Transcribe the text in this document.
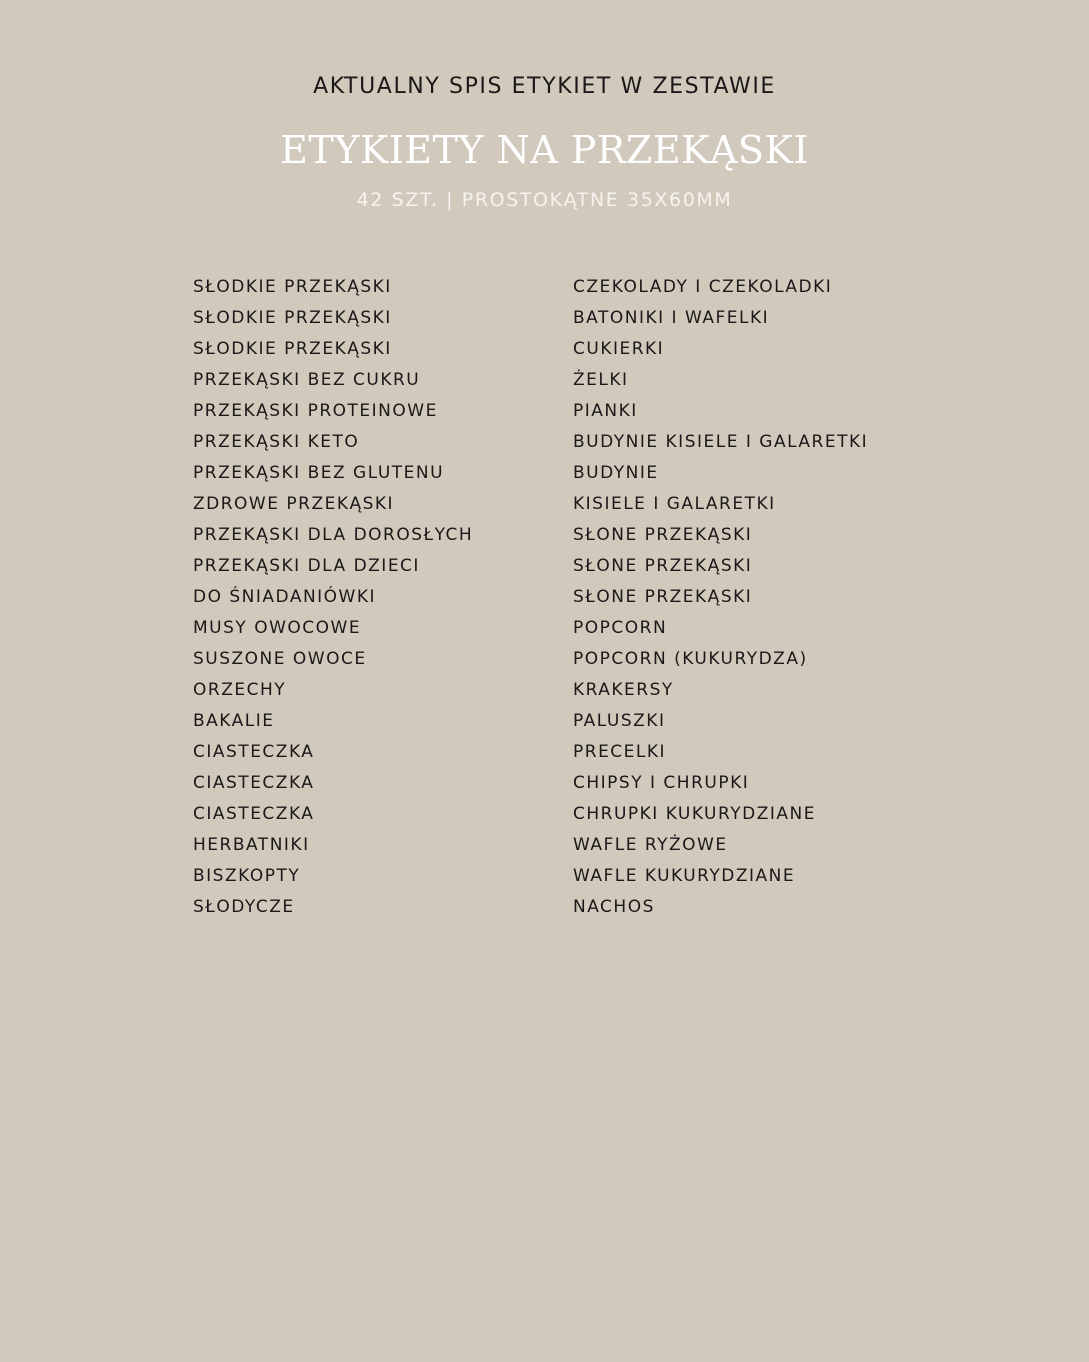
AKTUALNY SPIS ETYKIET W ZESTAWIE
ETYKIETY NA PRZEKĄSKI

42 SZT. | PROSTOKĄTNE 35X60MM

SŁODKIE PRZEKĄSKI
SŁODKIE PRZEKĄSKI
SŁODKIE PRZEKĄSKI
PRZEKĄSKI BEZ CUKRU
PRZEKĄSKI PROTEINOWE
PRZEKĄSKI KETO
PRZEKĄSKI BEZ GLUTENU
ZDROWE PRZEKĄSKI
PRZEKĄSKI DLA DOROSŁYCH
PRZEKĄSKI DLA DZIECI
DO ŚNIADANIÓWKI
MUSY OWOCOWE
SUSZONE OWOCE
ORZECHY
BAKALIE
CIASTECZKA
CIASTECZKA
CIASTECZKA
HERBATNIKI
BISZKOPTY
SŁODYCZE
CZEKOLADY I CZEKOLADKI
BATONIKI I WAFELKI
CUKIERKI
ŻELKI
PIANKI
BUDYNIE KISIELE I GALARETKI
BUDYNIE
KISIELE I GALARETKI
SŁONE PRZEKĄSKI
SŁONE PRZEKĄSKI
SŁONE PRZEKĄSKI
POPCORN
POPCORN (KUKURYDZA)
KRAKERSY
PALUSZKI
PRECELKI
CHIPSY I CHRUPKI
CHRUPKI KUKURYDZIANE
WAFLE RYŻOWE
WAFLE KUKURYDZIANE
NACHOS
